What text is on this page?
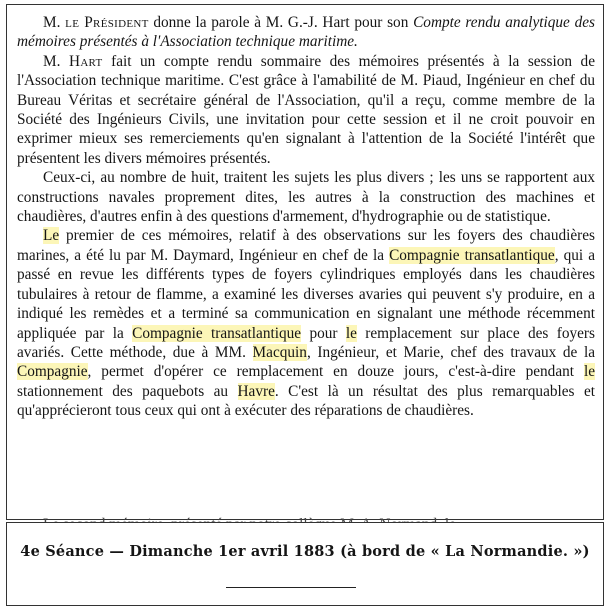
M. le Président donne la parole à M. G.-J. Hart pour son Compte rendu analytique des mémoires présentés à l'Association technique maritime.

M. Hart fait un compte rendu sommaire des mémoires présentés à la session de l'Association technique maritime. C'est grâce à l'amabilité de M. Piaud, Ingénieur en chef du Bureau Véritas et secrétaire général de l'Association, qu'il a reçu, comme membre de la Société des Ingénieurs Civils, une invitation pour cette session et il ne croit pouvoir en exprimer mieux ses remerciements qu'en signalant à l'attention de la Société l'intérêt que présentent les divers mémoires présentés.

Ceux-ci, au nombre de huit, traitent les sujets les plus divers ; les uns se rapportent aux constructions navales proprement dites, les autres à la construction des machines et chaudières, d'autres enfin à des questions d'armement, d'hydrographie ou de statistique.

Le premier de ces mémoires, relatif à des observations sur les foyers des chaudières marines, a été lu par M. Daymard, Ingénieur en chef de la Compagnie transatlantique, qui a passé en revue les différents types de foyers cylindriques employés dans les chaudières tubulaires à retour de flamme, a examiné les diverses avaries qui peuvent s'y produire, en a indiqué les remèdes et a terminé sa communication en signalant une méthode récemment appliquée par la Compagnie transatlantique pour le remplacement sur place des foyers avariés. Cette méthode, due à MM. Macquin, Ingénieur, et Marie, chef des travaux de la Compagnie, permet d'opérer ce remplacement en douze jours, c'est-à-dire pendant le stationnement des paquebots au Havre. C'est là un résultat des plus remarquables et qu'apprécieront tous ceux qui ont à exécuter des réparations de chaudières.

4e Séance — Dimanche 1er avril 1883 (à bord de « La Normandie. »)
